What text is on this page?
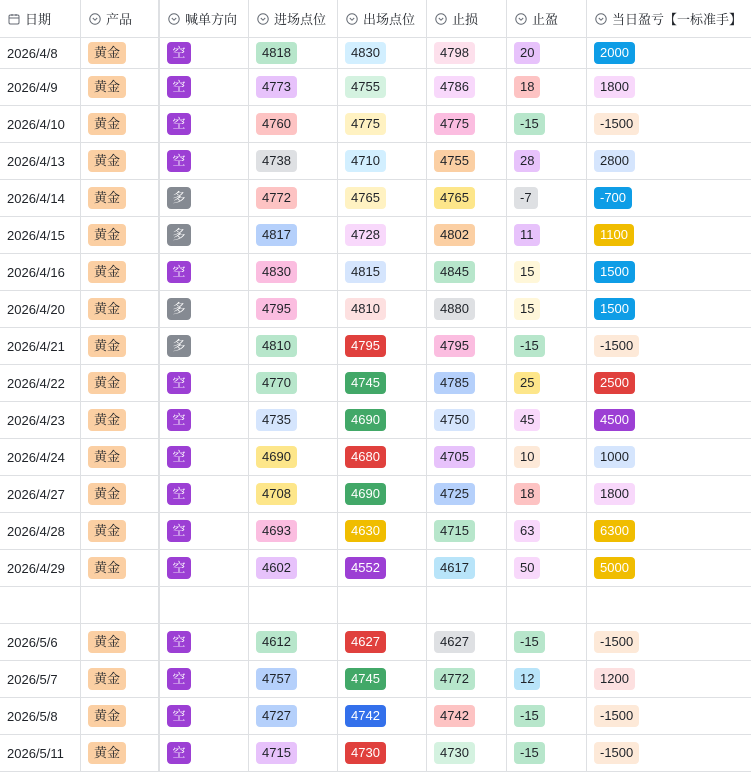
日期	产品	喊单方向	进场点位	出场点位	止损	止盈	当日盈亏【一标准手】
2026/4/8	黄金	空	4818	4830	4798	20	2000
2026/4/9	黄金	空	4773	4755	4786	18	1800
2026/4/10	黄金	空	4760	4775	4775	-15	-1500
2026/4/13	黄金	空	4738	4710	4755	28	2800
2026/4/14	黄金	多	4772	4765	4765	-7	-700
2026/4/15	黄金	多	4817	4728	4802	11	1100
2026/4/16	黄金	空	4830	4815	4845	15	1500
2026/4/20	黄金	多	4795	4810	4880	15	1500
2026/4/21	黄金	多	4810	4795	4795	-15	-1500
2026/4/22	黄金	空	4770	4745	4785	25	2500
2026/4/23	黄金	空	4735	4690	4750	45	4500
2026/4/24	黄金	空	4690	4680	4705	10	1000
2026/4/27	黄金	空	4708	4690	4725	18	1800
2026/4/28	黄金	空	4693	4630	4715	63	6300
2026/4/29	黄金	空	4602	4552	4617	50	5000
2026/5/6	黄金	空	4612	4627	4627	-15	-1500
2026/5/7	黄金	空	4757	4745	4772	12	1200
2026/5/8	黄金	空	4727	4742	4742	-15	-1500
2026/5/11	黄金	空	4715	4730	4730	-15	-1500
